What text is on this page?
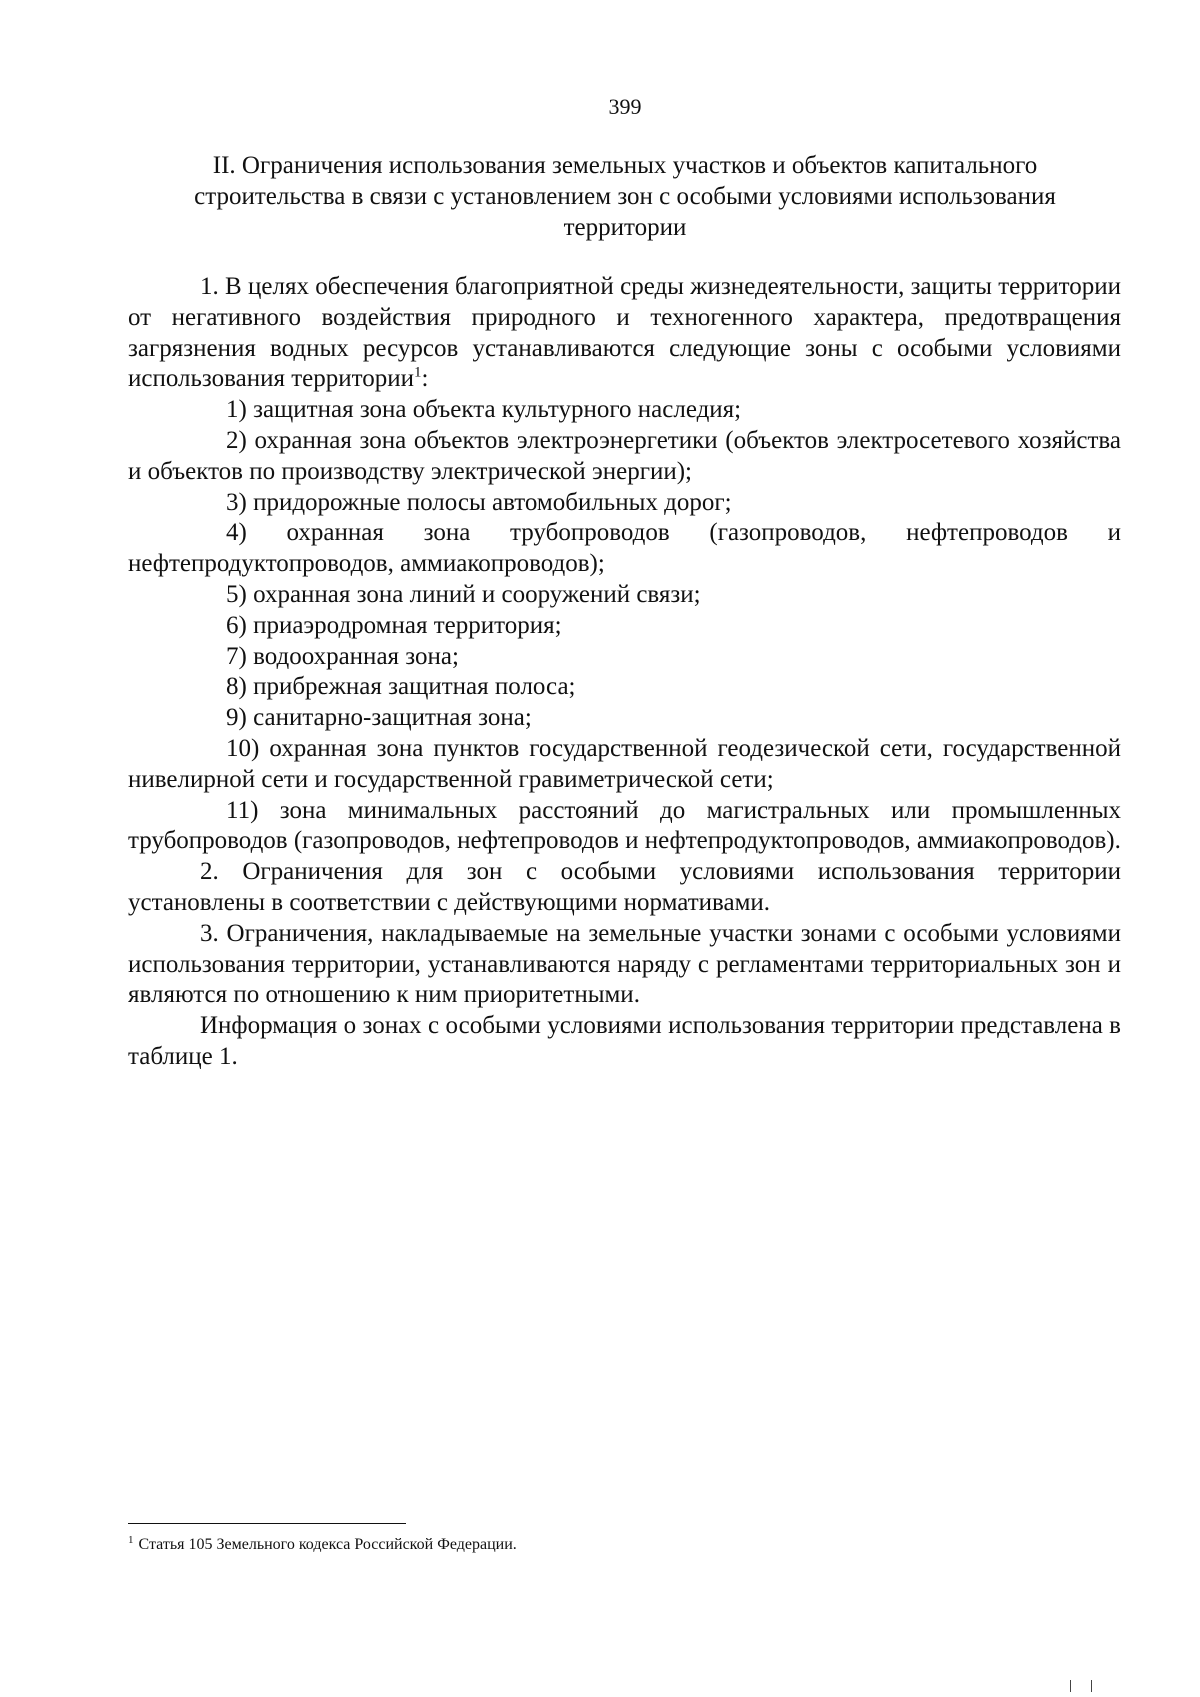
399
II. Ограничения использования земельных участков и объектов капитального строительства в связи с установлением зон с особыми условиями использования территории

1. В целях обеспечения благоприятной среды жизнедеятельности, защиты территории от негативного воздействия природного и техногенного характера, предотвращения загрязнения водных ресурсов устанавливаются следующие зоны с особыми условиями использования территории$^1$:

1) защитная зона объекта культурного наследия;

2) охранная зона объектов электроэнергетики (объектов электросетевого хозяйства и объектов по производству электрической энергии);

3) придорожные полосы автомобильных дорог;

4) охранная зона трубопроводов (газопроводов, нефтепроводов и нефтепродуктопроводов, аммиакопроводов);

5) охранная зона линий и сооружений связи;

6) приаэродромная территория;

7) водоохранная зона;

8) прибрежная защитная полоса;

9) санитарно-защитная зона;

10) охранная зона пунктов государственной геодезической сети, государственной нивелирной сети и государственной гравиметрической сети;

11) зона минимальных расстояний до магистральных или промышленных трубопроводов (газопроводов, нефтепроводов и нефтепродуктопроводов, аммиакопроводов).

2. Ограничения для зон с особыми условиями использования территории установлены в соответствии с действующими нормативами.

3. Ограничения, накладываемые на земельные участки зонами с особыми условиями использования территории, устанавливаются наряду с регламентами территориальных зон и являются по отношению к ним приоритетными.

Информация о зонах с особыми условиями использования территории представлена в таблице 1.

$^1$ Статья 105 Земельного кодекса Российской Федерации.
